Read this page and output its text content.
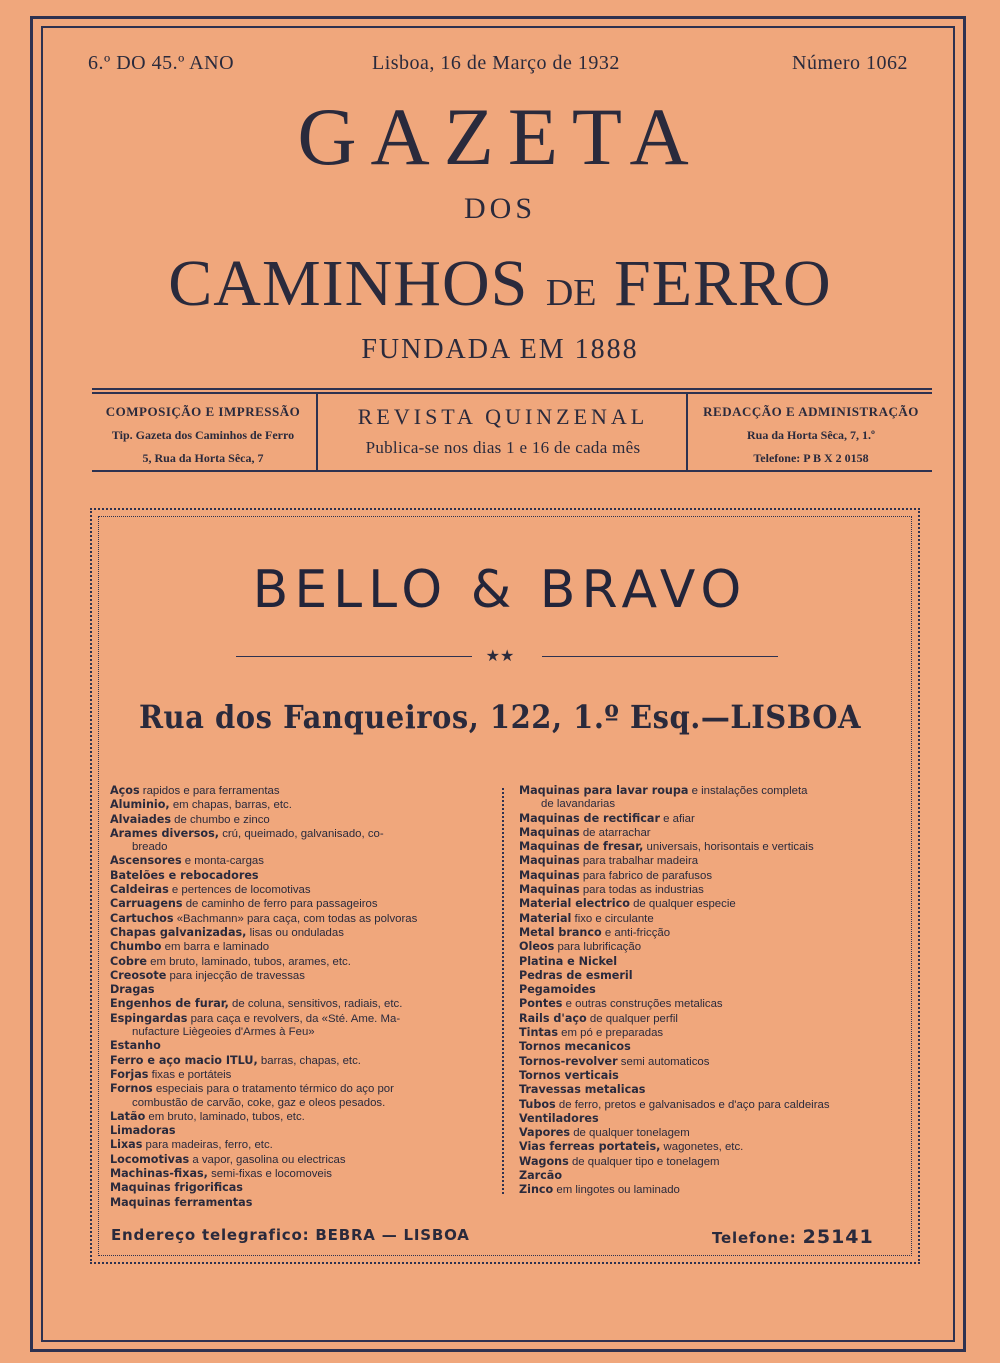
6.º DO 45.º ANO	Lisboa, 16 de Março de 1932	Número 1062
GAZETA
DOS
CAMINHOS DE FERRO
FUNDADA EM 1888
COMPOSIÇÃO E IMPRESSÃO
Tip. Gazeta dos Caminhos de Ferro
5, Rua da Horta Sêca, 7
REVISTA QUINZENAL
Publica-se nos dias 1 e 16 de cada mês
REDACÇÃO E ADMINISTRAÇÃO
Rua da Horta Sêca, 7, 1.º
Telefone: P B X 2 0158
BELLO & BRAVO
★★
Rua dos Fanqueiros, 122, 1.º Esq.—LISBOA
Aços rapidos e para ferramentas
Aluminio, em chapas, barras, etc.
Alvaiades de chumbo e zinco
Arames diversos, crú, queimado, galvanisado, co-
breado
Ascensores e monta-cargas
Batelões e rebocadores
Caldeiras e pertences de locomotivas
Carruagens de caminho de ferro para passageiros
Cartuchos «Bachmann» para caça, com todas as polvoras
Chapas galvanizadas, lisas ou onduladas
Chumbo em barra e laminado
Cobre em bruto, laminado, tubos, arames, etc.
Creosote para injecção de travessas
Dragas
Engenhos de furar, de coluna, sensitivos, radiais, etc.
Espingardas para caça e revolvers, da «Sté. Ame. Ma-
nufacture Liègeoies d'Armes à Feu»
Estanho
Ferro e aço macio ITLU, barras, chapas, etc.
Forjas fixas e portáteis
Fornos especiais para o tratamento térmico do aço por
combustão de carvão, coke, gaz e oleos pesados.
Latão em bruto, laminado, tubos, etc.
Limadoras
Lixas para madeiras, ferro, etc.
Locomotivas a vapor, gasolina ou electricas
Machinas-fixas, semi-fixas e locomoveis
Maquinas frigorificas
Maquinas ferramentas
Maquinas para lavar roupa e instalações completa
de lavandarias
Maquinas de rectificar e afiar
Maquinas de atarrachar
Maquinas de fresar, universais, horisontais e verticais
Maquinas para trabalhar madeira
Maquinas para fabrico de parafusos
Maquinas para todas as industrias
Material electrico de qualquer especie
Material fixo e circulante
Metal branco e anti-fricção
Oleos para lubrificação
Platina e Nickel
Pedras de esmeril
Pegamoides
Pontes e outras construções metalicas
Rails d'aço de qualquer perfil
Tintas em pó e preparadas
Tornos mecanicos
Tornos-revolver semi automaticos
Tornos verticais
Travessas metalicas
Tubos de ferro, pretos e galvanisados e d'aço para caldeiras
Ventiladores
Vapores de qualquer tonelagem
Vias ferreas portateis, wagonetes, etc.
Wagons de qualquer tipo e tonelagem
Zarcão
Zinco em lingotes ou laminado
Endereço telegrafico: BEBRA — LISBOA	Telefone: 25141
